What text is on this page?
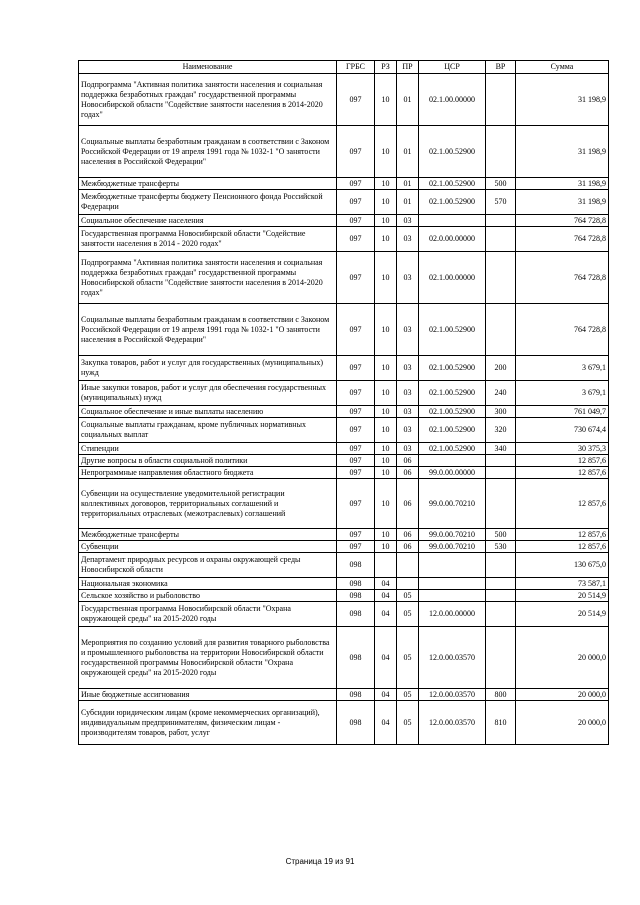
Наименование	ГРБС	РЗ	ПР	ЦСР	ВР	Сумма
Подпрограмма "Активная политика занятости населения и социальная поддержка безработных граждан" государственной программы Новосибирской области "Содействие занятости населения в 2014-2020 годах"	097	10	01	02.1.00.00000		31 198,9
Социальные выплаты безработным гражданам в соответствии с Законом Российской Федерации от 19 апреля 1991 года № 1032-1 "О занятости населения в Российской Федерации"	097	10	01	02.1.00.52900		31 198,9
Межбюджетные трансферты	097	10	01	02.1.00.52900	500	31 198,9
Межбюджетные трансферты бюджету Пенсионного фонда Российской Федерации	097	10	01	02.1.00.52900	570	31 198,9
Социальное обеспечение населения	097	10	03			764 728,8
Государственная программа Новосибирской области "Содействие занятости населения в 2014 - 2020 годах"	097	10	03	02.0.00.00000		764 728,8
Подпрограмма "Активная политика занятости населения и социальная поддержка безработных граждан" государственной программы Новосибирской области "Содействие занятости населения в 2014-2020 годах"	097	10	03	02.1.00.00000		764 728,8
Социальные выплаты безработным гражданам в соответствии с Законом Российской Федерации от 19 апреля 1991 года № 1032-1 "О занятости населения в Российской Федерации"	097	10	03	02.1.00.52900		764 728,8
Закупка товаров, работ и услуг для государственных (муниципальных) нужд	097	10	03	02.1.00.52900	200	3 679,1
Иные закупки товаров, работ и услуг для обеспечения государственных (муниципальных) нужд	097	10	03	02.1.00.52900	240	3 679,1
Социальное обеспечение и иные выплаты населению	097	10	03	02.1.00.52900	300	761 049,7
Социальные выплаты гражданам, кроме публичных нормативных социальных выплат	097	10	03	02.1.00.52900	320	730 674,4
Стипендии	097	10	03	02.1.00.52900	340	30 375,3
Другие вопросы в области социальной политики	097	10	06			12 857,6
Непрограммные направления областного бюджета	097	10	06	99.0.00.00000		12 857,6
Субвенции на осуществление уведомительной регистрации коллективных договоров, территориальных соглашений и территориальных отраслевых (межотраслевых) соглашений	097	10	06	99.0.00.70210		12 857,6
Межбюджетные трансферты	097	10	06	99.0.00.70210	500	12 857,6
Субвенции	097	10	06	99.0.00.70210	530	12 857,6
Департамент природных ресурсов и охраны окружающей среды Новосибирской области	098					130 675,0
Национальная экономика	098	04				73 587,1
Сельское хозяйство и рыболовство	098	04	05			20 514,9
Государственная программа Новосибирской области "Охрана окружающей среды" на 2015-2020 годы	098	04	05	12.0.00.00000		20 514,9
Мероприятия по созданию условий для развития товарного рыболовства и промышленного рыболовства на территории Новосибирской области государственной программы Новосибирской области "Охрана окружающей среды" на 2015-2020 годы	098	04	05	12.0.00.03570		20 000,0
Иные бюджетные ассигнования	098	04	05	12.0.00.03570	800	20 000,0
Субсидии юридическим лицам (кроме некоммерческих организаций), индивидуальным предпринимателям, физическим лицам - производителям товаров, работ, услуг	098	04	05	12.0.00.03570	810	20 000,0
Страница 19 из 91
